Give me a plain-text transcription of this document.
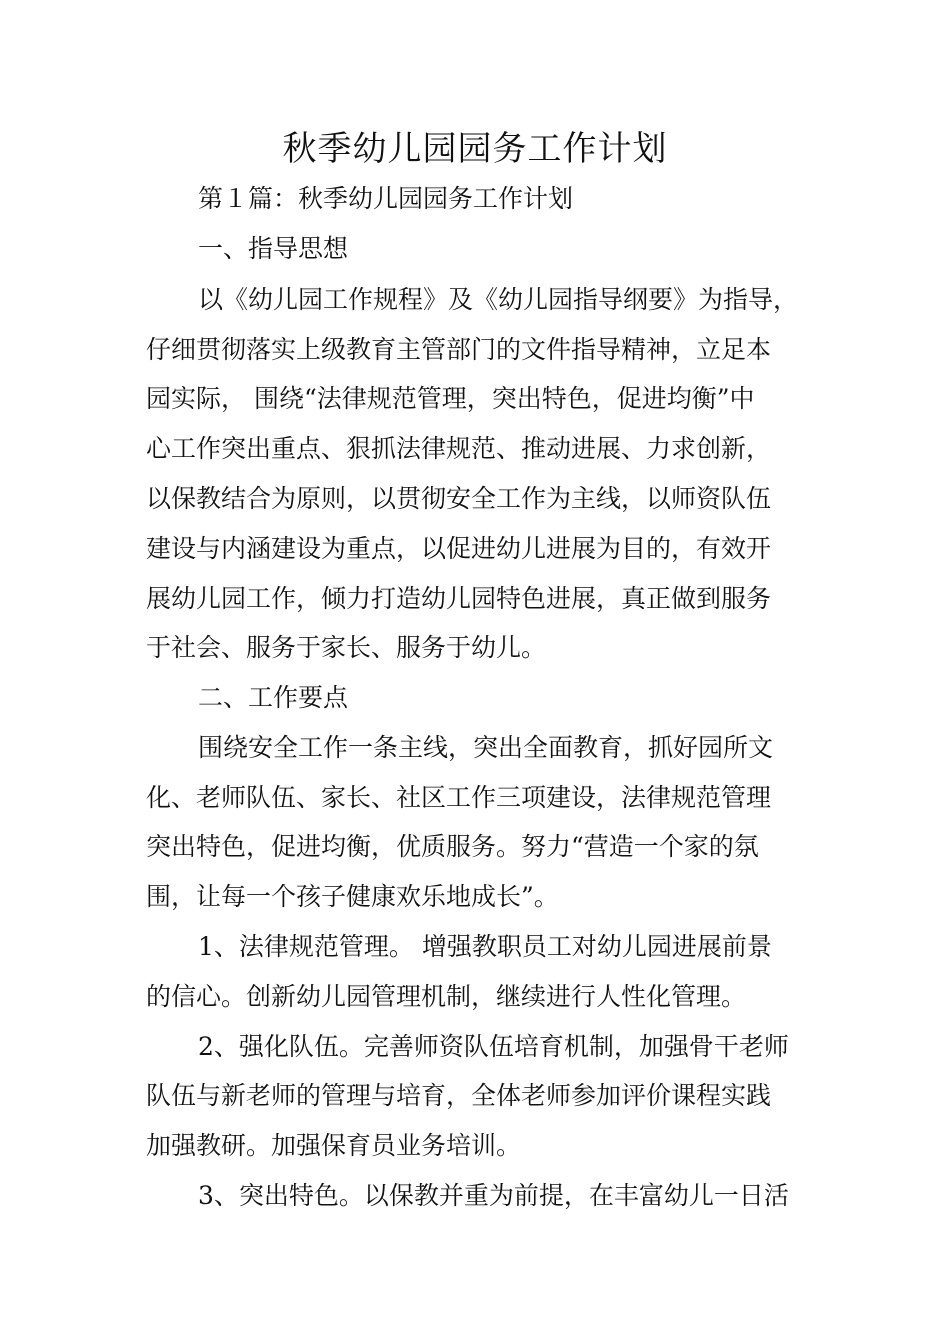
秋季幼儿园园务工作计划
第１篇：秋季幼儿园园务工作计划
一、指导思想
以《幼儿园工作规程》及《幼儿园指导纲要》为指导，
仔细贯彻落实上级教育主管部门的文件指导精神，立足本
园实际， 围绕“法律规范管理，突出特色，促进均衡”中
心工作突出重点、狠抓法律规范、推动进展、力求创新，
以保教结合为原则，以贯彻安全工作为主线，以师资队伍
建设与内涵建设为重点，以促进幼儿进展为目的，有效开
展幼儿园工作，倾力打造幼儿园特色进展，真正做到服务
于社会、服务于家长、服务于幼儿。
二、工作要点
围绕安全工作一条主线，突出全面教育，抓好园所文
化、老师队伍、家长、社区工作三项建设，法律规范管理
突出特色，促进均衡，优质服务。努力“营造一个家的氛
围，让每一个孩子健康欢乐地成长”。
1、法律规范管理。 增强教职员工对幼儿园进展前景
的信心。创新幼儿园管理机制，继续进行人性化管理。
2、强化队伍。完善师资队伍培育机制，加强骨干老师
队伍与新老师的管理与培育，全体老师参加评价课程实践
加强教研。加强保育员业务培训。
3、突出特色。以保教并重为前提，在丰富幼儿一日活
